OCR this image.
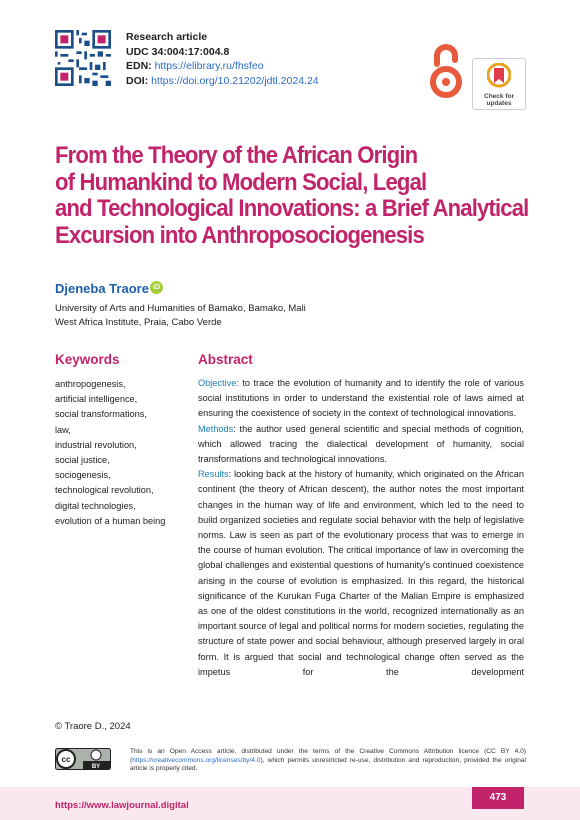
Research article
UDC 34:004:17:004.8
EDN: https://elibrary.ru/fhsfeo
DOI: https://doi.org/10.21202/jdtl.2024.24
Check for updates
From the Theory of the African Origin
of Humankind to Modern Social, Legal
and Technological Innovations: a Brief Analytical
Excursion into Anthroposociogenesis
Djeneba Traore iD
University of Arts and Humanities of Bamako, Bamako, Mali
West Africa Institute, Praia, Cabo Verde
Keywords
anthropogenesis,
artificial intelligence,
social transformations,
law,
industrial revolution,
social justice,
sociogenesis,
technological revolution,
digital technologies,
evolution of a human being
Abstract

Objective: to trace the evolution of humanity and to identify the role of various social institutions in order to understand the existential role of laws aimed at ensuring the coexistence of society in the context of technological innovations.

Methods: the author used general scientific and special methods of cognition, which allowed tracing the dialectical development of humanity, social transformations and technological innovations.

Results: looking back at the history of humanity, which originated on the African continent (the theory of African descent), the author notes the most important changes in the human way of life and environment, which led to the need to build organized societies and regulate social behavior with the help of legislative norms. Law is seen as part of the evolutionary process that was to emerge in the course of human evolution. The critical importance of law in overcoming the global challenges and existential questions of humanity's continued coexistence arising in the course of evolution is emphasized. In this regard, the historical significance of the Kurukan Fuga Charter of the Malian Empire is emphasized as one of the oldest constitutions in the world, recognized internationally as an important source of legal and political norms for modern societies, regulating the structure of state power and social behaviour, although preserved largely in oral form. It is argued that social and technological change often served as the impetus for the development

© Traore D., 2024
cc
BY
This is an Open Access article, distributed under the terms of the Creative Commons Attribution licence (CC BY 4.0) (https://creativecommons.org/licenses/by/4.0), which permits unrestricted re-use, distribution and reproduction, provided the original article is properly cited.
https://www.lawjournal.digital
473
